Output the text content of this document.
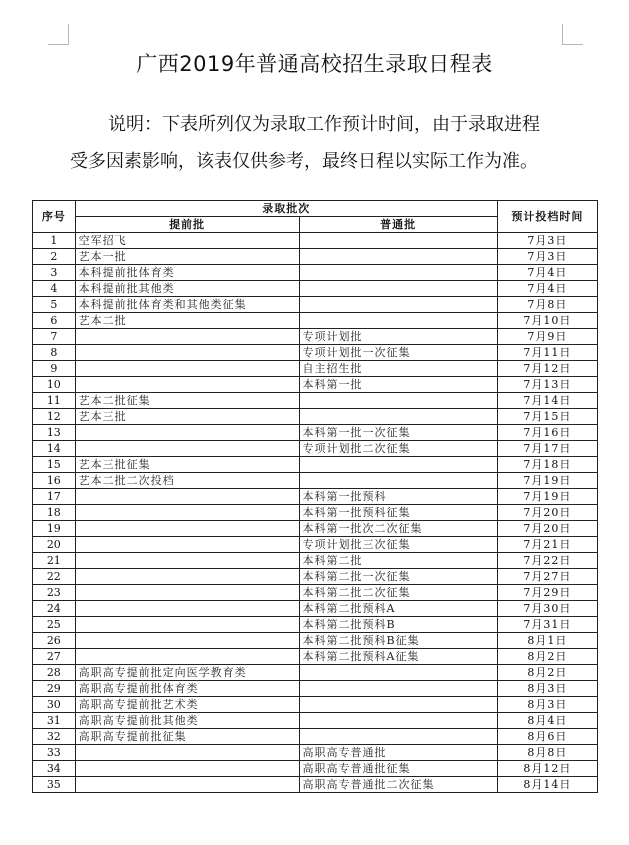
广西2019年普通高校招生录取日程表
说明：下表所列仅为录取工作预计时间，由于录取进程
受多因素影响，该表仅供参考，最终日程以实际工作为准。
序号	录取批次		预计投档时间
	提前批	普通批	
1	空军招飞		7月3日
2	艺本一批		7月3日
3	本科提前批体育类		7月4日
4	本科提前批其他类		7月4日
5	本科提前批体育类和其他类征集		7月8日
6	艺本二批		7月10日
7		专项计划批	7月9日
8		专项计划批一次征集	7月11日
9		自主招生批	7月12日
10		本科第一批	7月13日
11	艺本二批征集		7月14日
12	艺本三批		7月15日
13		本科第一批一次征集	7月16日
14		专项计划批二次征集	7月17日
15	艺本三批征集		7月18日
16	艺本二批二次投档		7月19日
17		本科第一批预科	7月19日
18		本科第一批预科征集	7月20日
19		本科第一批次二次征集	7月20日
20		专项计划批三次征集	7月21日
21		本科第二批	7月22日
22		本科第二批一次征集	7月27日
23		本科第二批二次征集	7月29日
24		本科第二批预科A	7月30日
25		本科第二批预科B	7月31日
26		本科第二批预科B征集	8月1日
27		本科第二批预科A征集	8月2日
28	高职高专提前批定向医学教育类		8月2日
29	高职高专提前批体育类		8月3日
30	高职高专提前批艺术类		8月3日
31	高职高专提前批其他类		8月4日
32	高职高专提前批征集		8月6日
33		高职高专普通批	8月8日
34		高职高专普通批征集	8月12日
35		高职高专普通批二次征集	8月14日
